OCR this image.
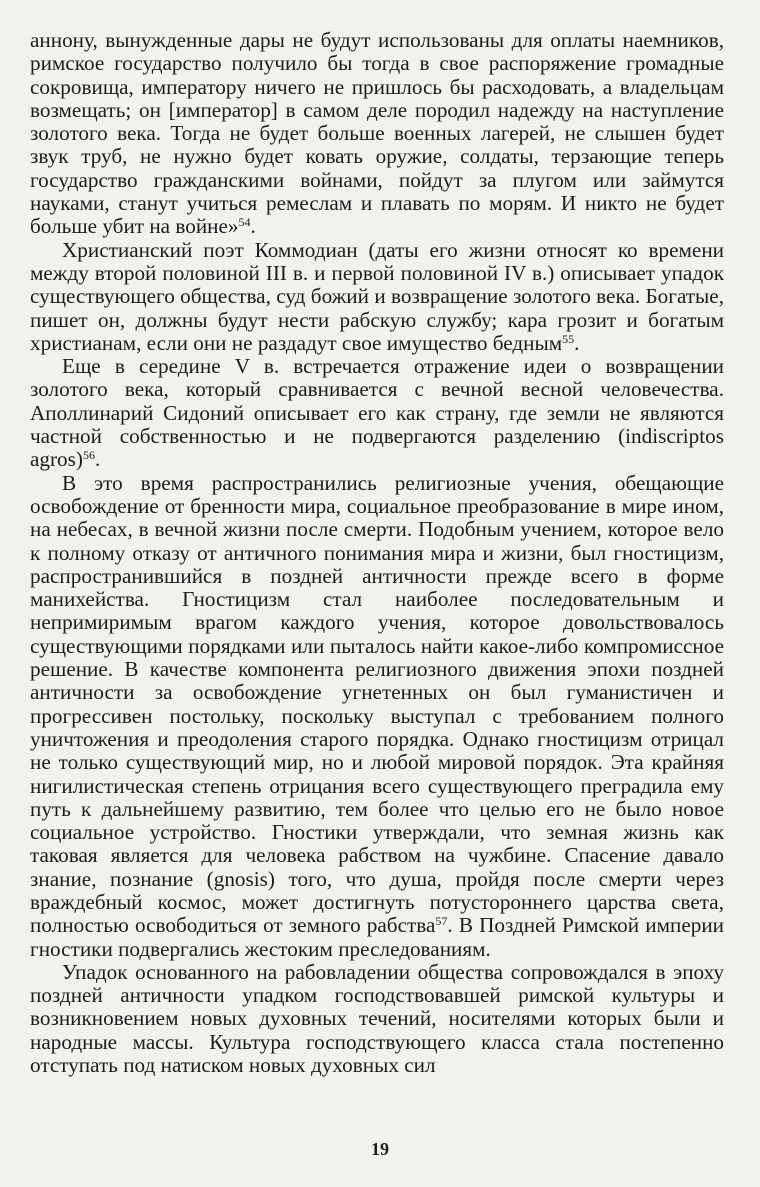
аннону, вынужденные дары не будут использованы для оплаты наемников, римское государство получило бы тогда в свое распоряжение громадные сокровища, императору ничего не пришлось бы расходовать, а владельцам возмещать; он [император] в самом деле породил надежду на наступление золотого века. Тогда не будет больше военных лагерей, не слышен будет звук труб, не нужно будет ковать оружие, солдаты, терзающие теперь государство гражданскими войнами, пойдут за плугом или займутся науками, станут учиться ремеслам и плавать по морям. И никто не будет больше убит на войне»$^{54}$.

Христианский поэт Коммодиан (даты его жизни относят ко времени между второй половиной III в. и первой половиной IV в.) описывает упадок существующего общества, суд божий и возвращение золотого века. Богатые, пишет он, должны будут нести рабскую службу; кара грозит и богатым христианам, если они не раздадут свое имущество бедным$^{55}$.

Еще в середине V в. встречается отражение идеи о возвращении золотого века, который сравнивается с вечной весной человечества. Аполлинарий Сидоний описывает его как страну, где земли не являются частной собственностью и не подвергаются разделению (indiscriptos agros)$^{56}$.

В это время распространились религиозные учения, обещающие освобождение от бренности мира, социальное преобразование в мире ином, на небесах, в вечной жизни после смерти. Подобным учением, которое вело к полному отказу от античного понимания мира и жизни, был гностицизм, распространившийся в поздней античности прежде всего в форме манихейства. Гностицизм стал наиболее последовательным и непримиримым врагом каждого учения, которое довольствовалось существующими порядками или пыталось найти какое-либо компромиссное решение. В качестве компонента религиозного движения эпохи поздней античности за освобождение угнетенных он был гуманистичен и прогрессивен постольку, поскольку выступал с требованием полного уничтожения и преодоления старого порядка. Однако гностицизм отрицал не только существующий мир, но и любой мировой порядок. Эта крайняя нигилистическая степень отрицания всего существующего преградила ему путь к дальнейшему развитию, тем более что целью его не было новое социальное устройство. Гностики утверждали, что земная жизнь как таковая является для человека рабством на чужбине. Спасение давало знание, познание (gnosis) того, что душа, пройдя после смерти через враждебный космос, может достигнуть потустороннего царства света, полностью освободиться от земного рабства$^{57}$. В Поздней Римской империи гностики подвергались жестоким преследованиям.

Упадок основанного на рабовладении общества сопровождался в эпоху поздней античности упадком господствовавшей римской культуры и возникновением новых духовных течений, носителями которых были и народные массы. Культура господствующего класса стала постепенно отступать под натиском новых духовных сил

19
